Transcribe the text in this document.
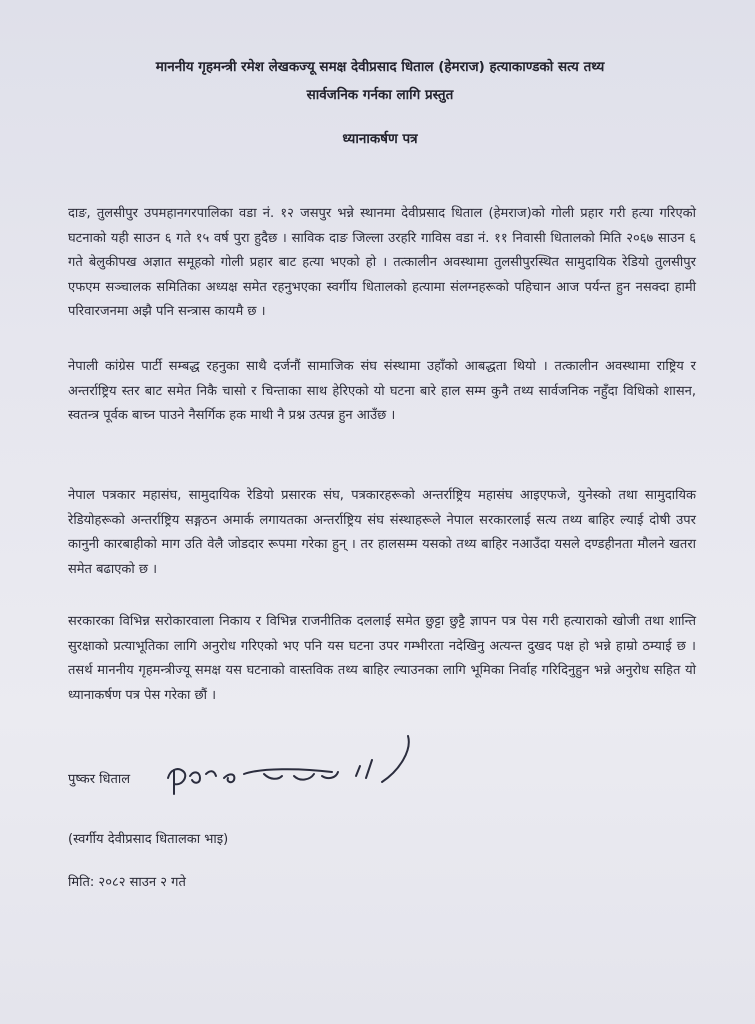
माननीय गृहमन्त्री रमेश लेखकज्यू समक्ष देवीप्रसाद धिताल (हेमराज) हत्याकाण्डको सत्य तथ्य
सार्वजनिक गर्नका लागि प्रस्तुत
ध्यानाकर्षण पत्र
दाङ, तुलसीपुर उपमहानगरपालिका वडा नं. १२ जसपुर भन्ने स्थानमा देवीप्रसाद धिताल (हेमराज)को गोली प्रहार गरी हत्या गरिएको घटनाको यही साउन ६ गते १५ वर्ष पुरा हुदैछ । साविक दाङ जिल्ला उरहरि गाविस वडा नं. ११ निवासी धितालको मिति २०६७ साउन ६ गते बेलुकीपख अज्ञात समूहको गोली प्रहार बाट हत्या भएको हो । तत्कालीन अवस्थामा तुलसीपुरस्थित सामुदायिक रेडियो तुलसीपुर एफएम सञ्चालक समितिका अध्यक्ष समेत रहनुभएका स्वर्गीय धितालको हत्यामा संलग्नहरूको पहिचान आज पर्यन्त हुन नसक्दा हामी परिवारजनमा अझै पनि सन्त्रास कायमै छ ।
नेपाली कांग्रेस पार्टी सम्बद्ध रहनुका साथै दर्जनौं सामाजिक संघ संस्थामा उहाँको आबद्धता थियो । तत्कालीन अवस्थामा राष्ट्रिय र अन्तर्राष्ट्रिय स्तर बाट समेत निकै चासो र चिन्ताका साथ हेरिएको यो घटना बारे हाल सम्म कुनै तथ्य सार्वजनिक नहुँदा विधिको शासन, स्वतन्त्र पूर्वक बाच्न पाउने नैसर्गिक हक माथी नै प्रश्न उत्पन्न हुन आउँछ ।
नेपाल पत्रकार महासंघ, सामुदायिक रेडियो प्रसारक संघ, पत्रकारहरूको अन्तर्राष्ट्रिय महासंघ आइएफजे, युनेस्को तथा सामुदायिक रेडियोहरूको अन्तर्राष्ट्रिय सङ्गठन अमार्क लगायतका अन्तर्राष्ट्रिय संघ संस्थाहरूले नेपाल सरकारलाई सत्य तथ्य बाहिर ल्याई दोषी उपर कानुनी कारबाहीको माग उति वेलै जोडदार रूपमा गरेका हुन् । तर हालसम्म यसको तथ्य बाहिर नआउँदा यसले दण्डहीनता मौलने खतरा समेत बढाएको छ ।
सरकारका विभिन्न सरोकारवाला निकाय र विभिन्न राजनीतिक दललाई समेत छुट्टा छुट्टै ज्ञापन पत्र पेस गरी हत्याराको खोजी तथा शान्ति सुरक्षाको प्रत्याभूतिका लागि अनुरोध गरिएको भए पनि यस घटना उपर गम्भीरता नदेखिनु अत्यन्त दुखद पक्ष हो भन्ने हाम्रो ठम्याई छ । तसर्थ माननीय गृहमन्त्रीज्यू समक्ष यस घटनाको वास्तविक तथ्य बाहिर ल्याउनका लागि भूमिका निर्वाह गरिदिनुहुन भन्ने अनुरोध सहित यो ध्यानाकर्षण पत्र पेस गरेका छौं ।
पुष्कर धिताल
(स्वर्गीय देवीप्रसाद धितालका भाइ)
मिति: २०८२ साउन २ गते
